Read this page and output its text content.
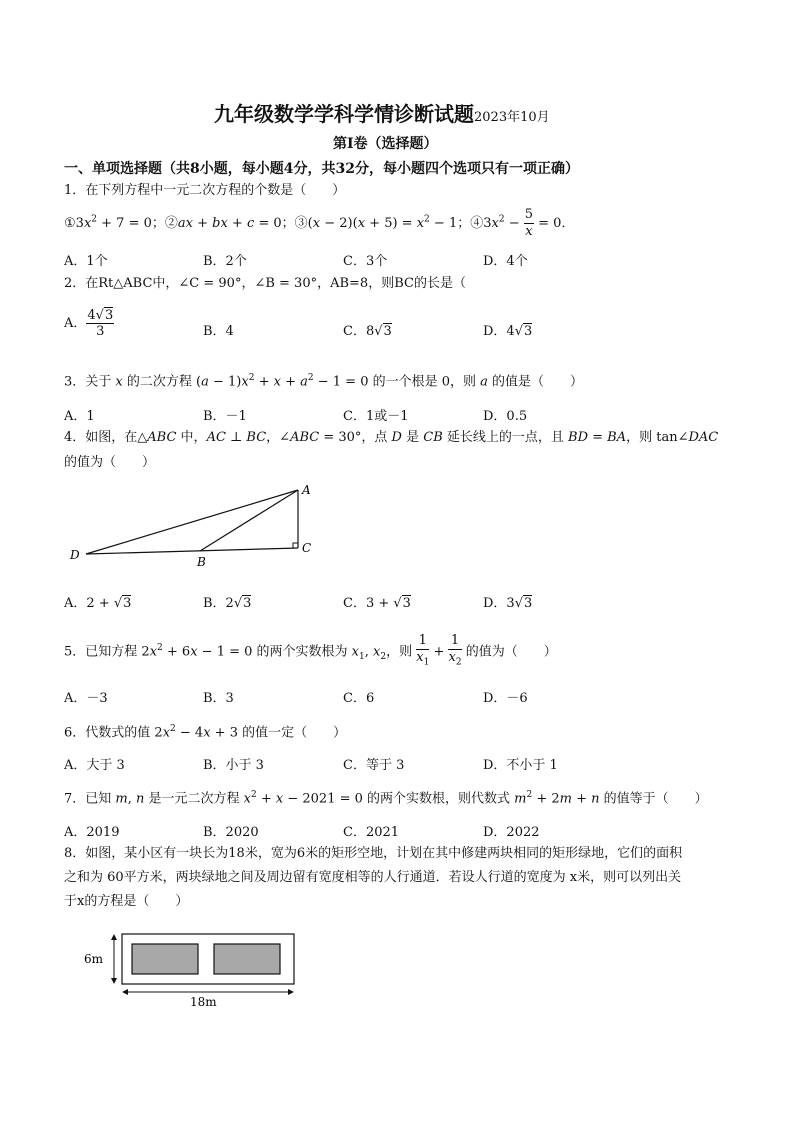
九年级数学学科学情诊断试题2023年10月
第Ⅰ卷（选择题）
一、单项选择题（共8小题，每小题4分，共32分，每小题四个选项只有一项正确）
1．在下列方程中一元二次方程的个数是（　　）
$①3x^2 + 7 = 0$；②ax + bx + c = 0；③(x − $2)(x + 5) = x^2 - 1$；$④3x^2 - \frac{5}{x} = 0$．
A．1个	B．2个	C．3个	D．4个
2．在Rt△ABC中，∠C = 90°，∠B = 30°，AB=8，则BC的长是（
A． $\frac{4√3}{3}$	B．4	C．8√3	D．4√3
3．关于 x 的二次方程 $(a - 1)x^2 + x + a^2 - 1 = 0$ 的一个根是 0，则 a 的值是（　　）
A．1	B．－1	C．1或－1	D．0.5
4．如图，在△ABC 中，AC ⊥ BC，∠ABC = 30°，点 D 是 CB 延长线上的一点，且 BD = BA，则 tan∠DAC
的值为（　　）
D	B
C
A
A．2 + √3	B．2√3	C．3 + √3	D．3√3
5．已知方程 $2x^2 + 6x - 1 = 0$ 的两个实数根为 $x_1$, $x_2$，则 $\frac{1}{x_1} + \frac{1}{x_2}$ 的值为（　　）
A．－3	B．3	C．6	D．－6
6．代数式的值 $2x^2 - 4x + 3$ 的值一定（　　）
A．大于 3	B．小于 3	C．等于 3	D．不小于 1
7．已知 m, n 是一元二次方程 $x^2 + x - 2021 = 0$ 的两个实数根，则代数式 $m^2 + 2m + n$ 的值等于（　　）
A．2019	B．2020	C．2021	D．2022
8．如图，某小区有一块长为18米，宽为6米的矩形空地，计划在其中修建两块相同的矩形绿地，它们的面积
之和为 60平方米，两块绿地之间及周边留有宽度相等的人行通道．若设人行道的宽度为 x米，则可以列出关
于x的方程是（　　）
6m
18m
